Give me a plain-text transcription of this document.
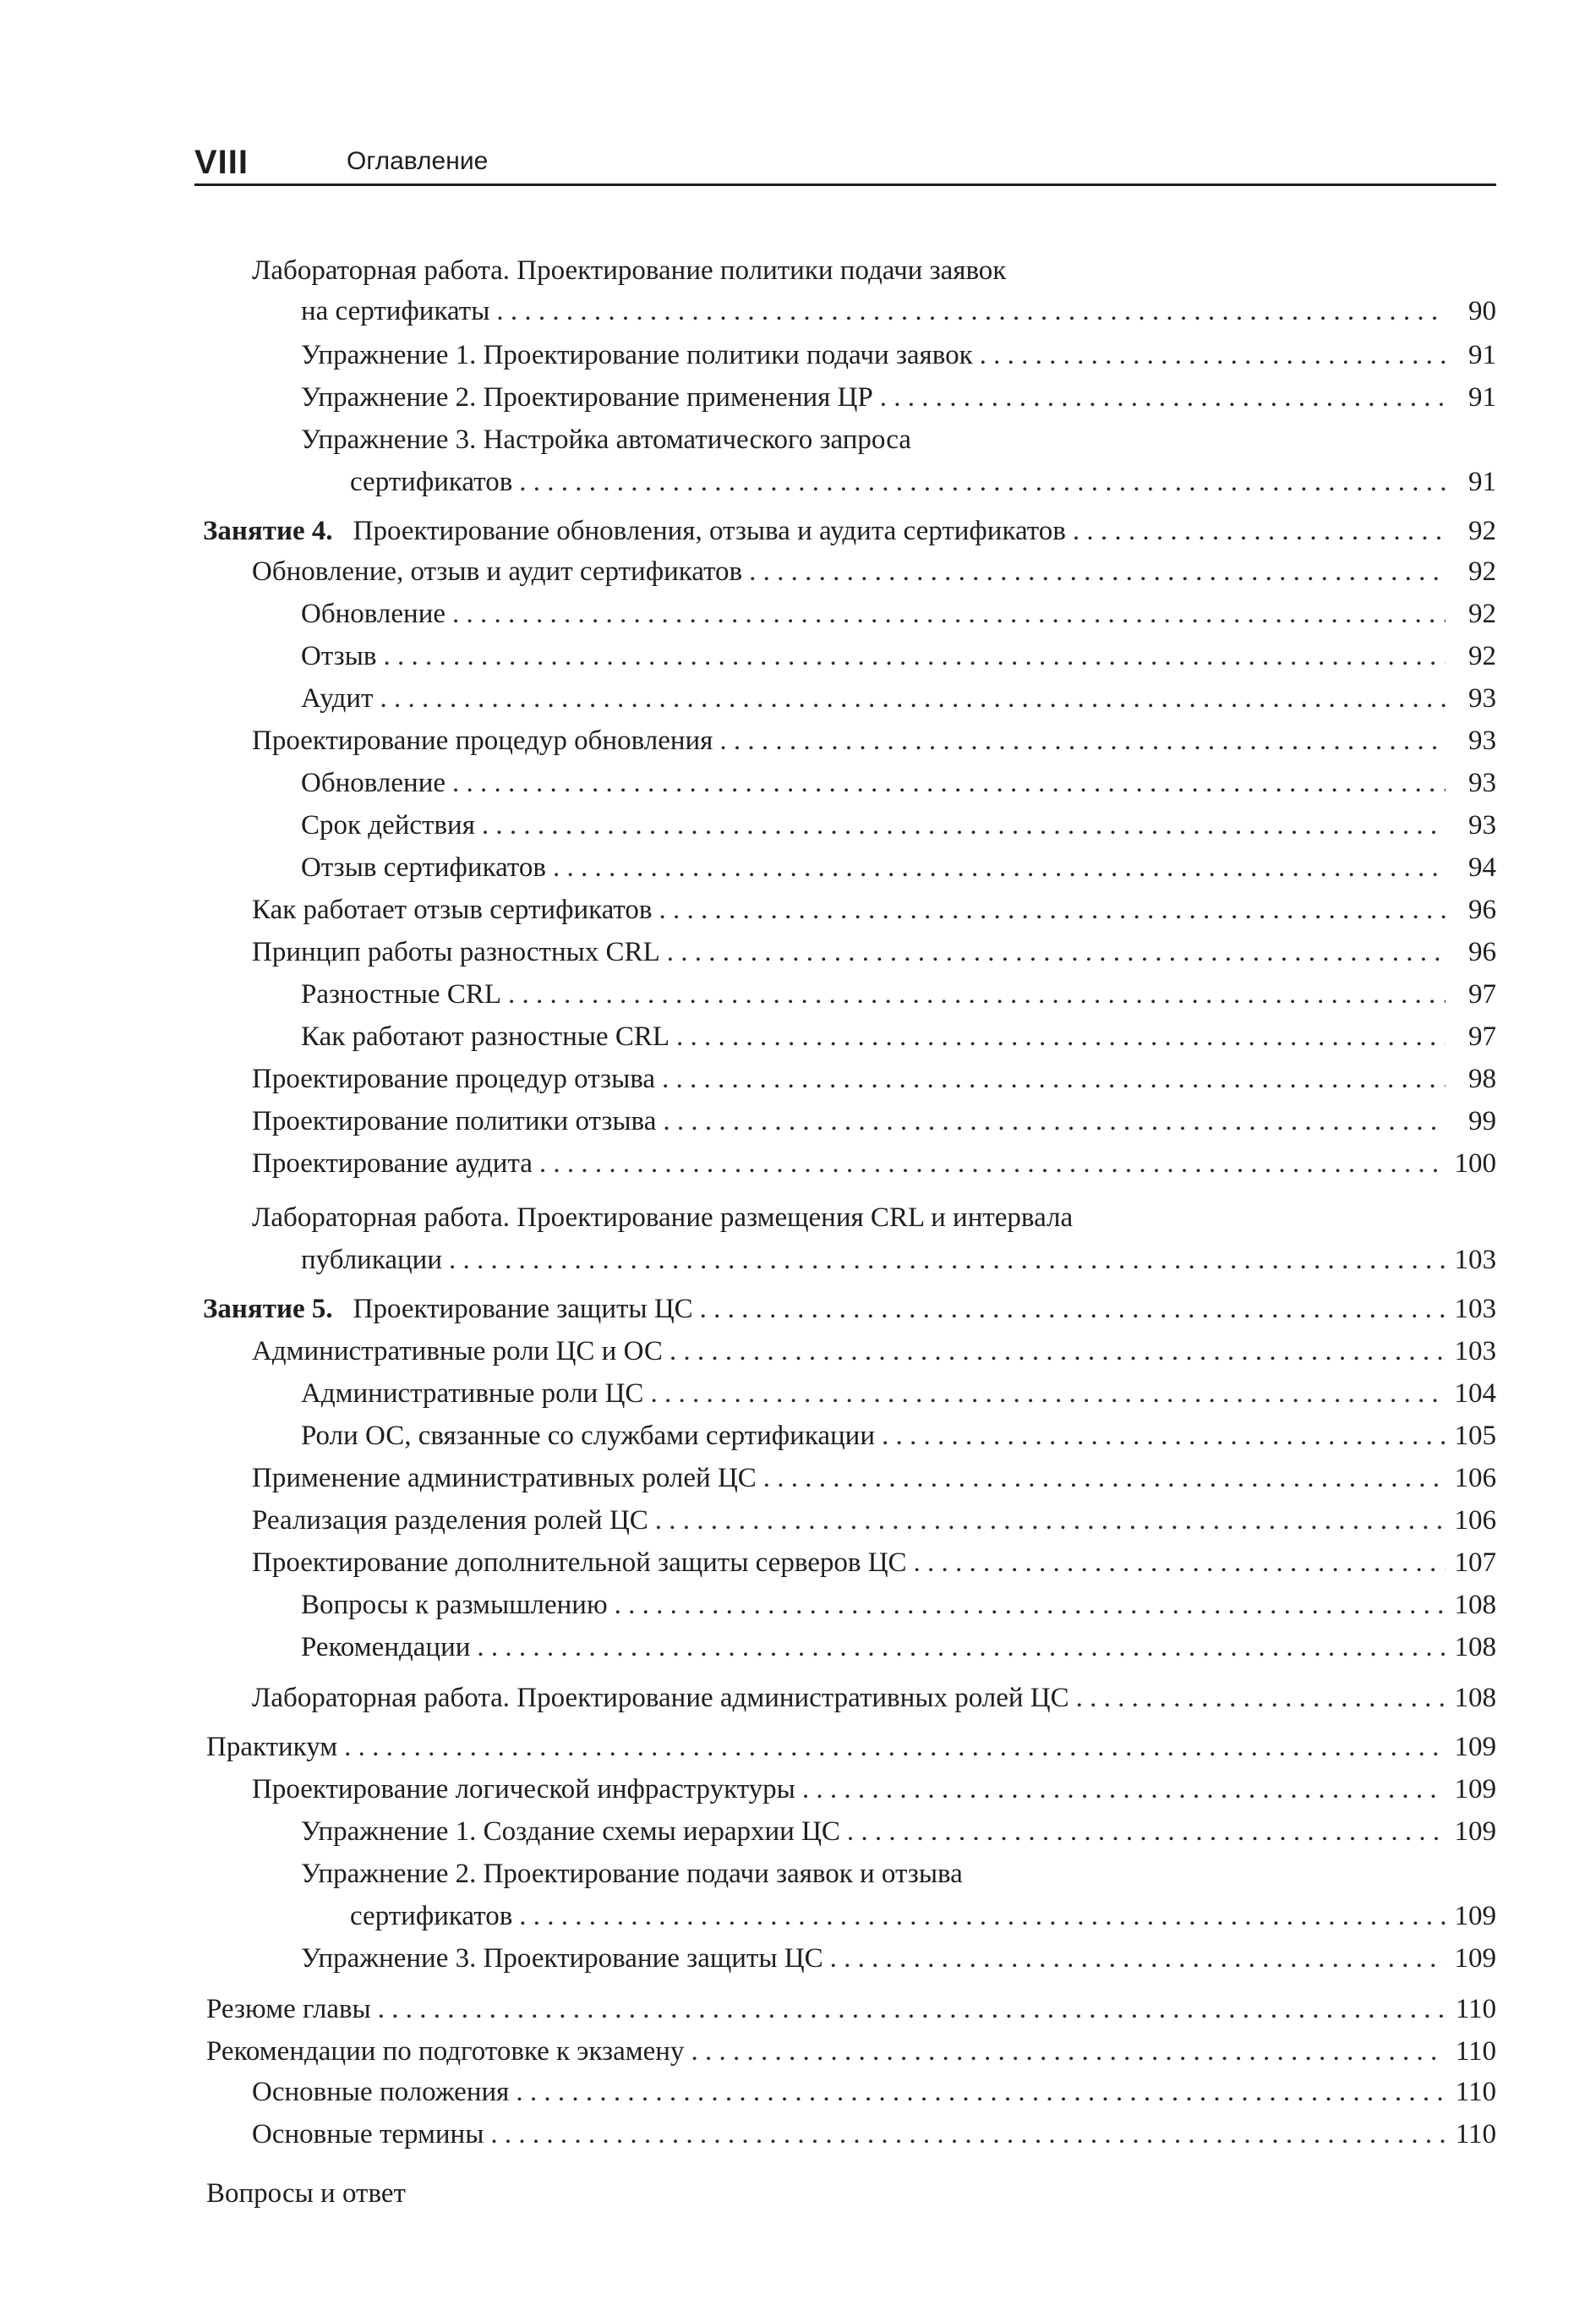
VIII	Оглавление
Лабораторная работа. Проектирование политики подачи заявок
на сертификаты . . .	90
Упражнение 1. Проектирование политики подачи заявок . . .	91
Упражнение 2. Проектирование применения ЦР . . .	91
Упражнение 3. Настройка автоматического запроса
сертификатов . . .	91
Занятие 4. Проектирование обновления, отзыва и аудита сертификатов . . .	92
Обновление, отзыв и аудит сертификатов . . .	92
Обновление . . .	92
Отзыв . . .	92
Аудит . . .	93
Проектирование процедур обновления . . .	93
Обновление . . .	93
Срок действия . . .	93
Отзыв сертификатов . . .	94
Как работает отзыв сертификатов . . .	96
Принцип работы разностных CRL . . .	96
Разностные CRL . . .	97
Как работают разностные CRL . . .	97
Проектирование процедур отзыва . . .	98
Проектирование политики отзыва . . .	99
Проектирование аудита . . .	100
Лабораторная работа. Проектирование размещения CRL и интервала
публикации . . .	103
Занятие 5. Проектирование защиты ЦС . . .	103
Административные роли ЦС и ОС . . .	103
Административные роли ЦС . . .	104
Роли ОС, связанные со службами сертификации . . .	105
Применение административных ролей ЦС . . .	106
Реализация разделения ролей ЦС . . .	106
Проектирование дополнительной защиты серверов ЦС . . .	107
Вопросы к размышлению . . .	108
Рекомендации . . .	108
Лабораторная работа. Проектирование административных ролей ЦС . . .	108
Практикум . . .	109
Проектирование логической инфраструктуры . . .	109
Упражнение 1. Создание схемы иерархии ЦС . . .	109
Упражнение 2. Проектирование подачи заявок и отзыва
сертификатов . . .	109
Упражнение 3. Проектирование защиты ЦС . . .	109
Резюме главы . . .	110
Рекомендации по подготовке к экзамену . . .	110
Основные положения . . .	110
Основные термины . . .	110
Вопросы и ответ
